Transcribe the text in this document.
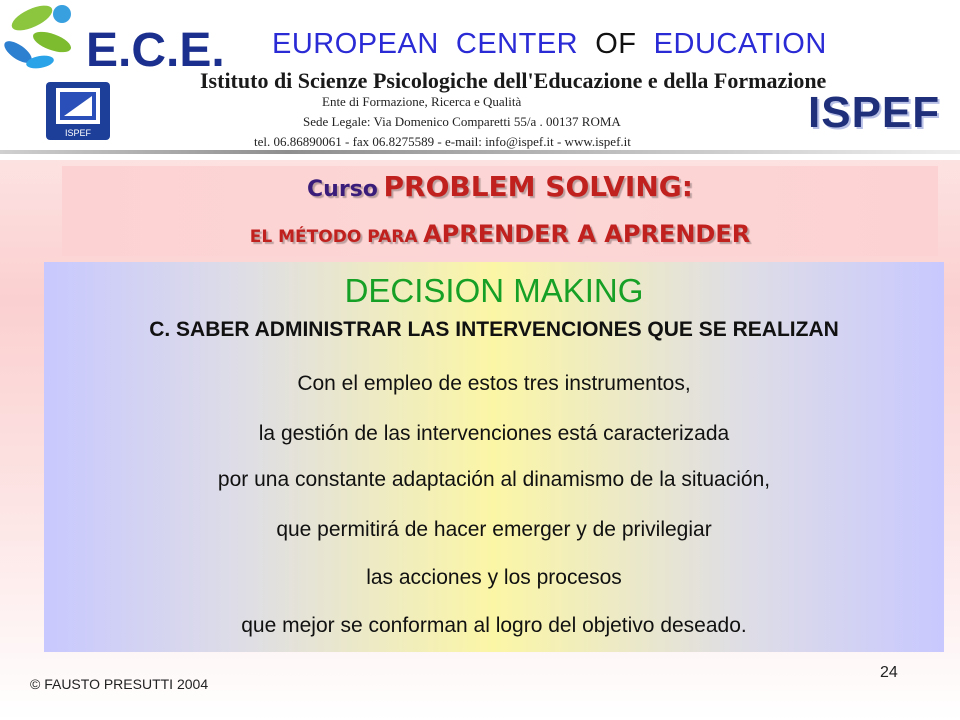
E.C.E. EUROPEAN CENTER OF EDUCATION
ISPEF
Istituto di Scienze Psicologiche dell'Educazione e della Formazione
Ente di Formazione, Ricerca e Qualità
Sede Legale: Via Domenico Comparetti 55/a . 00137 ROMA
tel. 06.86890061 - fax 06.8275589 - e-mail: info@ispef.it - www.ispef.it
ISPEF
Curso PROBLEM SOLVING:
EL MÉTODO PARA APRENDER A APRENDER
DECISION MAKING
C. SABER ADMINISTRAR LAS INTERVENCIONES QUE SE REALIZAN
Con el empleo de estos tres instrumentos,
la gestión de las intervenciones está caracterizada
por una constante adaptación al dinamismo de la situación,
que permitirá de hacer emerger y de privilegiar
las acciones y los procesos
que mejor se conforman al logro del objetivo deseado.
24
© FAUSTO PRESUTTI 2004
